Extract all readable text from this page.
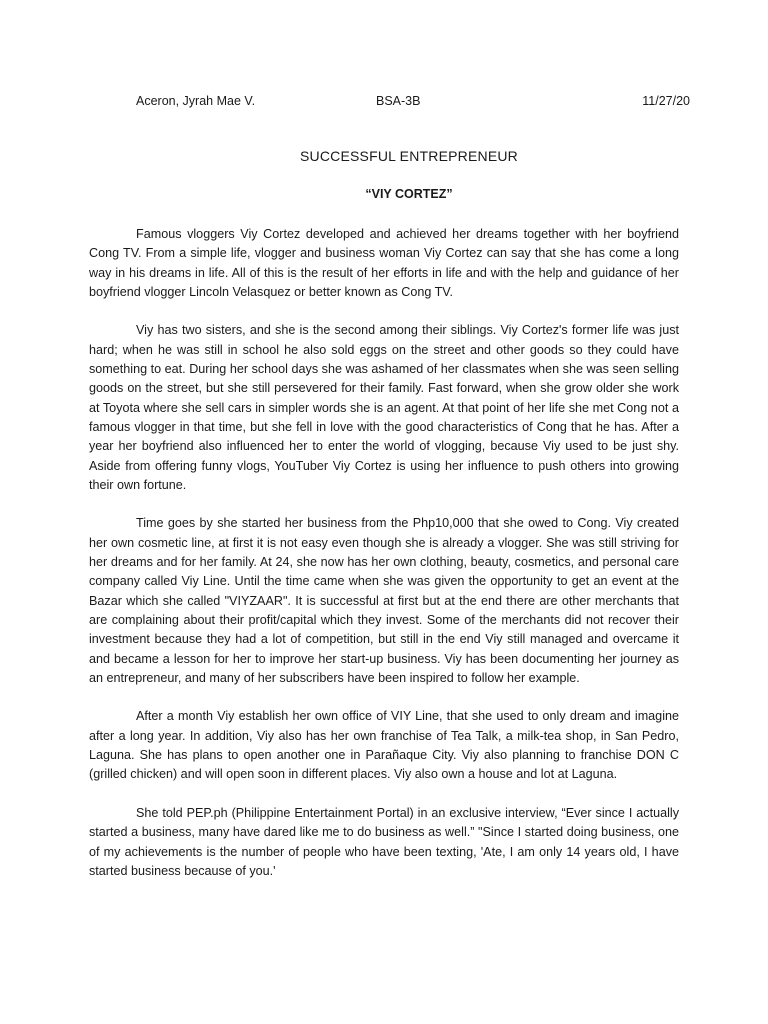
Aceron, Jyrah Mae V.	BSA-3B	11/27/20
SUCCESSFUL ENTREPRENEUR
“VIY CORTEZ”

Famous vloggers Viy Cortez developed and achieved her dreams together with her boyfriend Cong TV. From a simple life, vlogger and business woman Viy Cortez can say that she has come a long way in his dreams in life. All of this is the result of her efforts in life and with the help and guidance of her boyfriend vlogger Lincoln Velasquez or better known as Cong TV.

Viy has two sisters, and she is the second among their siblings. Viy Cortez's former life was just hard; when he was still in school he also sold eggs on the street and other goods so they could have something to eat. During her school days she was ashamed of her classmates when she was seen selling goods on the street, but she still persevered for their family. Fast forward, when she grow older she work at Toyota where she sell cars in simpler words she is an agent. At that point of her life she met Cong not a famous vlogger in that time, but she fell in love with the good characteristics of Cong that he has. After a year her boyfriend also influenced her to enter the world of vlogging, because Viy used to be just shy. Aside from offering funny vlogs, YouTuber Viy Cortez is using her influence to push others into growing their own fortune.

Time goes by she started her business from the Php10,000 that she owed to Cong. Viy created her own cosmetic line, at first it is not easy even though she is already a vlogger. She was still striving for her dreams and for her family. At 24, she now has her own clothing, beauty, cosmetics, and personal care company called Viy Line. Until the time came when she was given the opportunity to get an event at the Bazar which she called "VIYZAAR". It is successful at first but at the end there are other merchants that are complaining about their profit/capital which they invest. Some of the merchants did not recover their investment because they had a lot of competition, but still in the end Viy still managed and overcame it and became a lesson for her to improve her start-up business. Viy has been documenting her journey as an entrepreneur, and many of her subscribers have been inspired to follow her example.

After a month Viy establish her own office of VIY Line, that she used to only dream and imagine after a long year. In addition, Viy also has her own franchise of Tea Talk, a milk-tea shop, in San Pedro, Laguna. She has plans to open another one in Parañaque City. Viy also planning to franchise DON C (grilled chicken) and will open soon in different places. Viy also own a house and lot at Laguna.

She told PEP.ph (Philippine Entertainment Portal) in an exclusive interview, “Ever since I actually started a business, many have dared like me to do business as well.” "Since I started doing business, one of my achievements is the number of people who have been texting, 'Ate, I am only 14 years old, I have started business because of you.'
